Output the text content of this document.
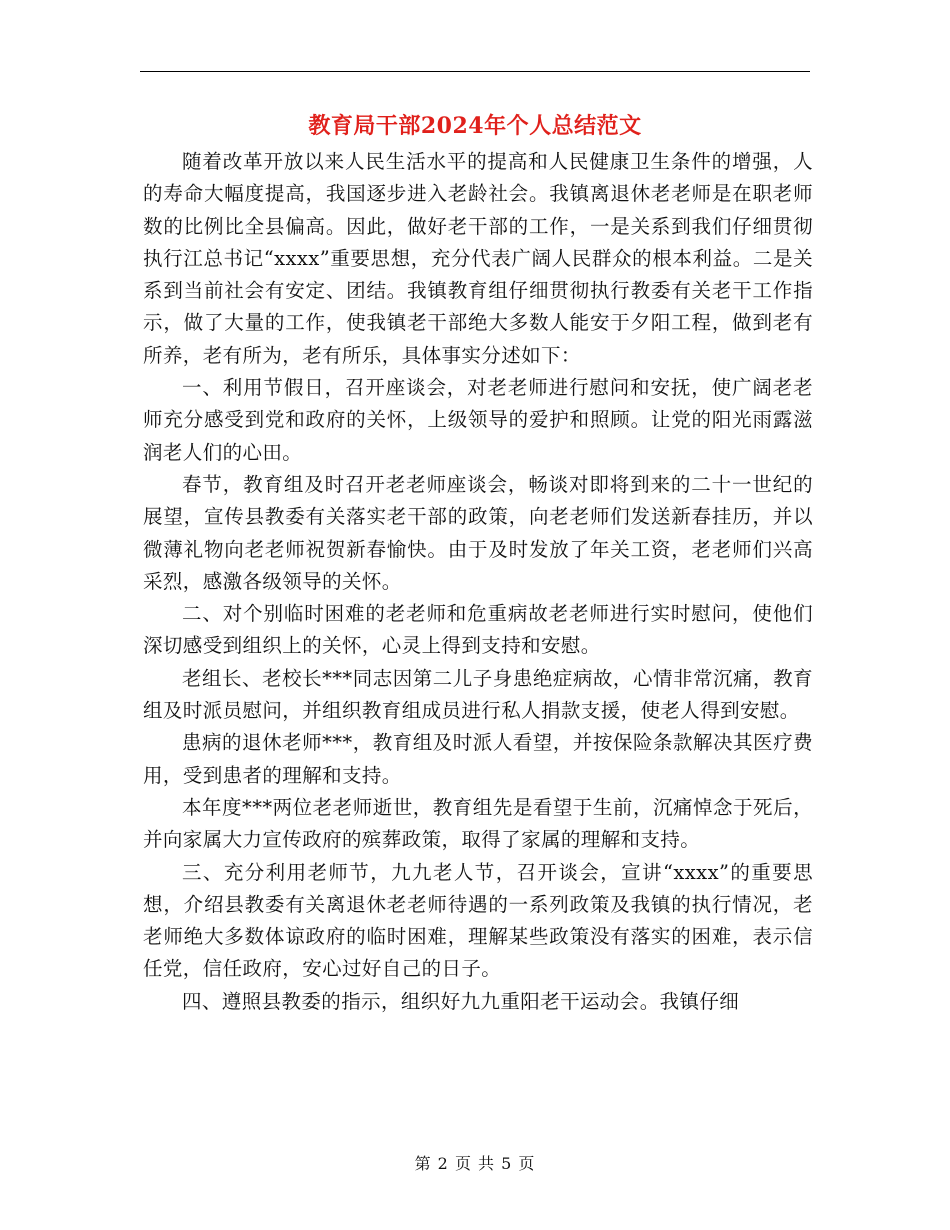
教育局干部2024年个人总结范文

随着改革开放以来人民生活水平的提高和人民健康卫生条件的增强，人的寿命大幅度提高，我国逐步进入老龄社会。我镇离退休老老师是在职老师数的比例比全县偏高。因此，做好老干部的工作，一是关系到我们仔细贯彻执行江总书记“xxxx”重要思想，充分代表广阔人民群众的根本利益。二是关系到当前社会有安定、团结。我镇教育组仔细贯彻执行教委有关老干工作指示，做了大量的工作，使我镇老干部绝大多数人能安于夕阳工程，做到老有所养，老有所为，老有所乐，具体事实分述如下：

一、利用节假日，召开座谈会，对老老师进行慰问和安抚，使广阔老老师充分感受到党和政府的关怀，上级领导的爱护和照顾。让党的阳光雨露滋润老人们的心田。

春节，教育组及时召开老老师座谈会，畅谈对即将到来的二十一世纪的展望，宣传县教委有关落实老干部的政策，向老老师们发送新春挂历，并以微薄礼物向老老师祝贺新春愉快。由于及时发放了年关工资，老老师们兴高采烈，感激各级领导的关怀。

二、对个别临时困难的老老师和危重病故老老师进行实时慰问，使他们深切感受到组织上的关怀，心灵上得到支持和安慰。

老组长、老校长***同志因第二儿子身患绝症病故，心情非常沉痛，教育组及时派员慰问，并组织教育组成员进行私人捐款支援，使老人得到安慰。

患病的退休老师***，教育组及时派人看望，并按保险条款解决其医疗费用，受到患者的理解和支持。

本年度***两位老老师逝世，教育组先是看望于生前，沉痛悼念于死后，并向家属大力宣传政府的殡葬政策，取得了家属的理解和支持。

三、充分利用老师节，九九老人节，召开谈会，宣讲“xxxx”的重要思想，介绍县教委有关离退休老老师待遇的一系列政策及我镇的执行情况，老老师绝大多数体谅政府的临时困难，理解某些政策没有落实的困难，表示信任党，信任政府，安心过好自己的日子。

四、遵照县教委的指示，组织好九九重阳老干运动会。我镇仔细

第 2 页 共 5 页
